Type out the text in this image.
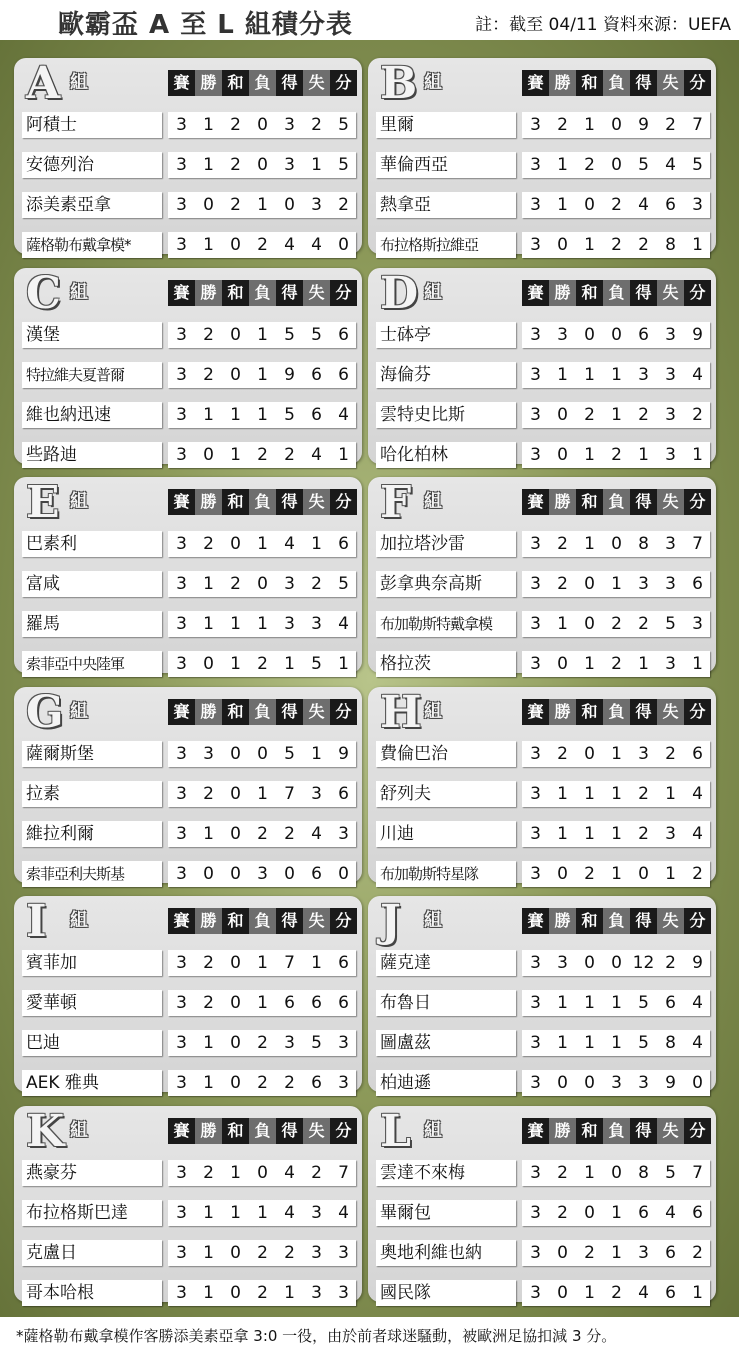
歐霸盃 A 至 L 組積分表	註：截至 04/11 資料來源：UEFA
A 組	賽 勝 和 負 得 失 分
阿積士	3 1 2 0 3 2 5
安德列治	3 1 2 0 3 1 5
添美素亞拿	3 0 2 1 0 3 2
薩格勒布戴拿模*	3 1 0 2 4 4 0
B 組	賽 勝 和 負 得 失 分
里爾	3 2 1 0 9 2 7
華倫西亞	3 1 2 0 5 4 5
熱拿亞	3 1 0 2 4 6 3
布拉格斯拉維亞	3 0 1 2 2 8 1
C 組	賽 勝 和 負 得 失 分
漢堡	3 2 0 1 5 5 6
特拉維夫夏普爾	3 2 0 1 9 6 6
維也納迅速	3 1 1 1 5 6 4
些路迪	3 0 1 2 2 4 1
D 組	賽 勝 和 負 得 失 分
士砵亭	3 3 0 0 6 3 9
海倫芬	3 1 1 1 3 3 4
雲特史比斯	3 0 2 1 2 3 2
哈化柏林	3 0 1 2 1 3 1
E 組	賽 勝 和 負 得 失 分
巴素利	3 2 0 1 4 1 6
富咸	3 1 2 0 3 2 5
羅馬	3 1 1 1 3 3 4
索菲亞中央陸軍	3 0 1 2 1 5 1
F 組	賽 勝 和 負 得 失 分
加拉塔沙雷	3 2 1 0 8 3 7
彭拿典奈高斯	3 2 0 1 3 3 6
布加勒斯特戴拿模	3 1 0 2 2 5 3
格拉茨	3 0 1 2 1 3 1
G 組	賽 勝 和 負 得 失 分
薩爾斯堡	3 3 0 0 5 1 9
拉素	3 2 0 1 7 3 6
維拉利爾	3 1 0 2 2 4 3
索菲亞利夫斯基	3 0 0 3 0 6 0
H 組	賽 勝 和 負 得 失 分
費倫巴治	3 2 0 1 3 2 6
舒列夫	3 1 1 1 2 1 4
川迪	3 1 1 1 2 3 4
布加勒斯特星隊	3 0 2 1 0 1 2
I 組	賽 勝 和 負 得 失 分
賓菲加	3 2 0 1 7 1 6
愛華頓	3 2 0 1 6 6 6
巴迪	3 1 0 2 3 5 3
AEK 雅典	3 1 0 2 2 6 3
J 組	賽 勝 和 負 得 失 分
薩克達	3 3 0 0 12 2 9
布魯日	3 1 1 1 5 6 4
圖盧茲	3 1 1 1 5 8 4
柏迪遜	3 0 0 3 3 9 0
K 組	賽 勝 和 負 得 失 分
燕豪芬	3 2 1 0 4 2 7
布拉格斯巴達	3 1 1 1 4 3 4
克盧日	3 1 0 2 2 3 3
哥本哈根	3 1 0 2 1 3 3
L 組	賽 勝 和 負 得 失 分
雲達不來梅	3 2 1 0 8 5 7
畢爾包	3 2 0 1 6 4 6
奧地利維也納	3 0 2 1 3 6 2
國民隊	3 0 1 2 4 6 1
*薩格勒布戴拿模作客勝添美素亞拿 3:0 一役，由於前者球迷騷動，被歐洲足協扣減 3 分。
